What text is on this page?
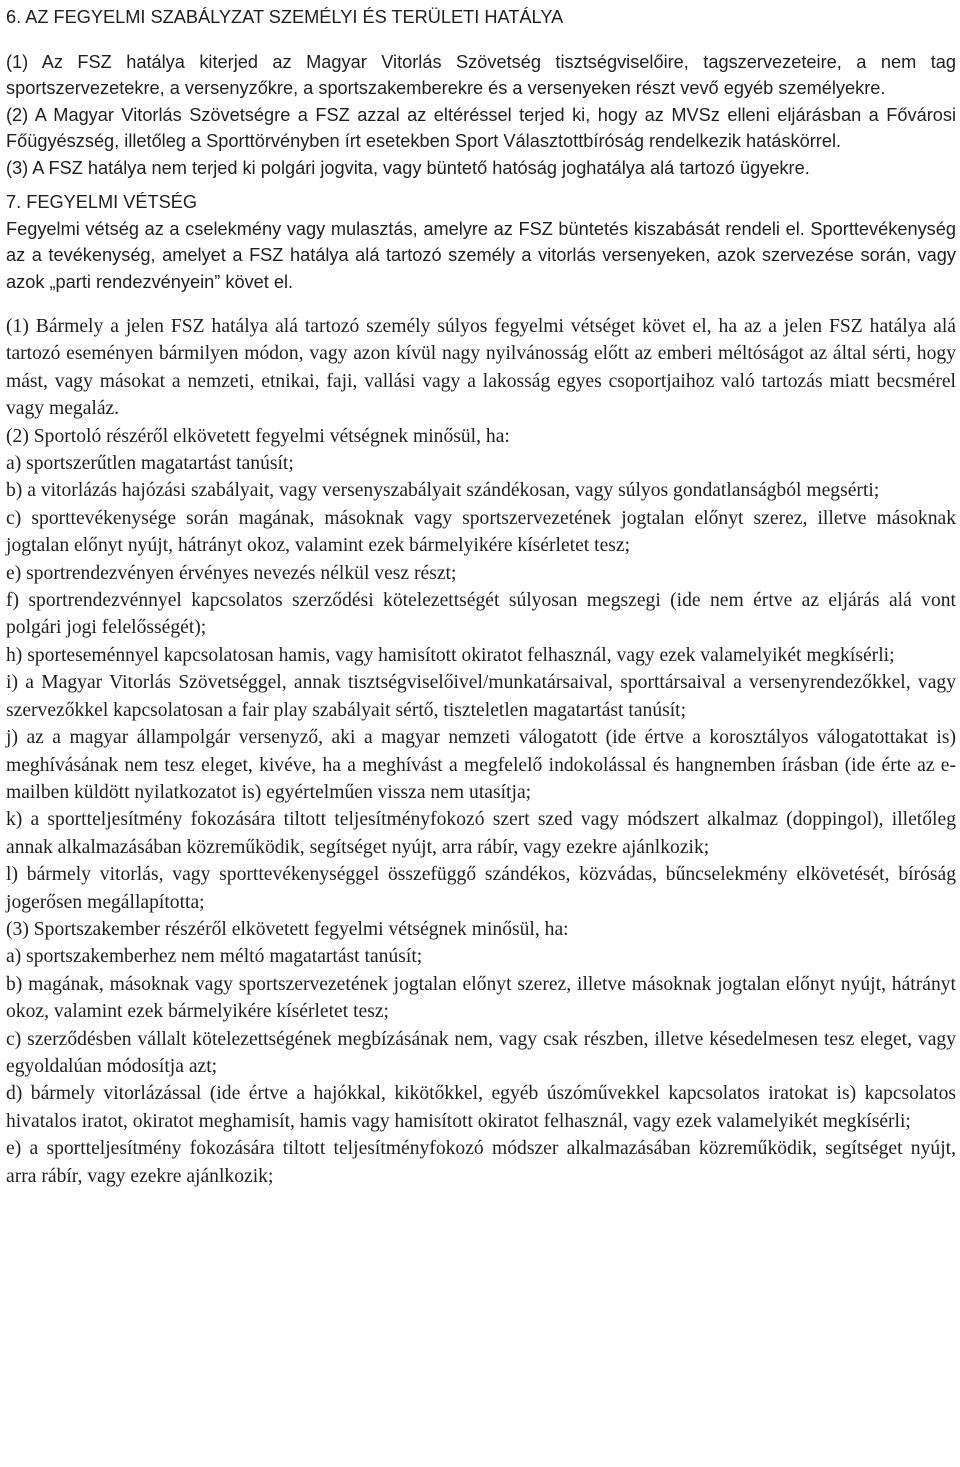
6. AZ FEGYELMI SZABÁLYZAT SZEMÉLYI ÉS TERÜLETI HATÁLYA

(1) Az FSZ hatálya kiterjed az Magyar Vitorlás Szövetség tisztségviselőire, tagszervezeteire, a nem tag sportszervezetekre, a versenyzőkre, a sportszakemberekre és a versenyeken részt vevő egyéb személyekre.

(2) A Magyar Vitorlás Szövetségre a FSZ azzal az eltéréssel terjed ki, hogy az MVSz elleni eljárásban a Fővárosi Főügyészség, illetőleg a Sporttörvényben írt esetekben Sport Választottbíróság rendelkezik hatáskörrel.

(3) A FSZ hatálya nem terjed ki polgári jogvita, vagy büntető hatóság joghatálya alá tartozó ügyekre.

7. FEGYELMI VÉTSÉG

Fegyelmi vétség az a cselekmény vagy mulasztás, amelyre az FSZ büntetés kiszabását rendeli el. Sporttevékenység az a tevékenység, amelyet a FSZ hatálya alá tartozó személy a vitorlás versenyeken, azok szervezése során, vagy azok „parti rendezvényein” követ el.

(1) Bármely a jelen FSZ hatálya alá tartozó személy súlyos fegyelmi vétséget követ el, ha az a jelen FSZ hatálya alá tartozó eseményen bármilyen módon, vagy azon kívül nagy nyilvánosság előtt az emberi méltóságot az által sérti, hogy mást, vagy másokat a nemzeti, etnikai, faji, vallási vagy a lakosság egyes csoportjaihoz való tartozás miatt becsmérel vagy megaláz.

(2) Sportoló részéről elkövetett fegyelmi vétségnek minősül, ha:

a) sportszerűtlen magatartást tanúsít;

b) a vitorlázás hajózási szabályait, vagy versenyszabályait szándékosan, vagy súlyos gondatlanságból megsérti;

c) sporttevékenysége során magának, másoknak vagy sportszervezetének jogtalan előnyt szerez, illetve másoknak jogtalan előnyt nyújt, hátrányt okoz, valamint ezek bármelyikére kísérletet tesz;

e) sportrendezvényen érvényes nevezés nélkül vesz részt;

f) sportrendezvénnyel kapcsolatos szerződési kötelezettségét súlyosan megszegi (ide nem értve az eljárás alá vont polgári jogi felelősségét);

h) sporteseménnyel kapcsolatosan hamis, vagy hamisított okiratot felhasznál, vagy ezek valamelyikét megkísérli;

i) a Magyar Vitorlás Szövetséggel, annak tisztségviselőivel/munkatársaival, sporttársaival a versenyrendezőkkel, vagy szervezőkkel kapcsolatosan a fair play szabályait sértő, tiszteletlen magatartást tanúsít;

j) az a magyar állampolgár versenyző, aki a magyar nemzeti válogatott (ide értve a korosztályos válogatottakat is) meghívásának nem tesz eleget, kivéve, ha a meghívást a megfelelő indokolással és hangnemben írásban (ide érte az e-mailben küldött nyilatkozatot is) egyértelműen vissza nem utasítja;

k) a sportteljesítmény fokozására tiltott teljesítményfokozó szert szed vagy módszert alkalmaz (doppingol), illetőleg annak alkalmazásában közreműködik, segítséget nyújt, arra rábír, vagy ezekre ajánlkozik;

l) bármely vitorlás, vagy sporttevékenységgel összefüggő szándékos, közvádas, bűncselekmény elkövetését, bíróság jogerősen megállapította;

(3) Sportszakember részéről elkövetett fegyelmi vétségnek minősül, ha:

a) sportszakemberhez nem méltó magatartást tanúsít;

b) magának, másoknak vagy sportszervezetének jogtalan előnyt szerez, illetve másoknak jogtalan előnyt nyújt, hátrányt okoz, valamint ezek bármelyikére kísérletet tesz;

c) szerződésben vállalt kötelezettségének megbízásának nem, vagy csak részben, illetve késedelmesen tesz eleget, vagy egyoldalúan módosítja azt;

d) bármely vitorlázással (ide értve a hajókkal, kikötőkkel, egyéb úszóművekkel kapcsolatos iratokat is) kapcsolatos hivatalos iratot, okiratot meghamisít, hamis vagy hamisított okiratot felhasznál, vagy ezek valamelyikét megkísérli;

e) a sportteljesítmény fokozására tiltott teljesítményfokozó módszer alkalmazásában közreműködik, segítséget nyújt, arra rábír, vagy ezekre ajánlkozik;
